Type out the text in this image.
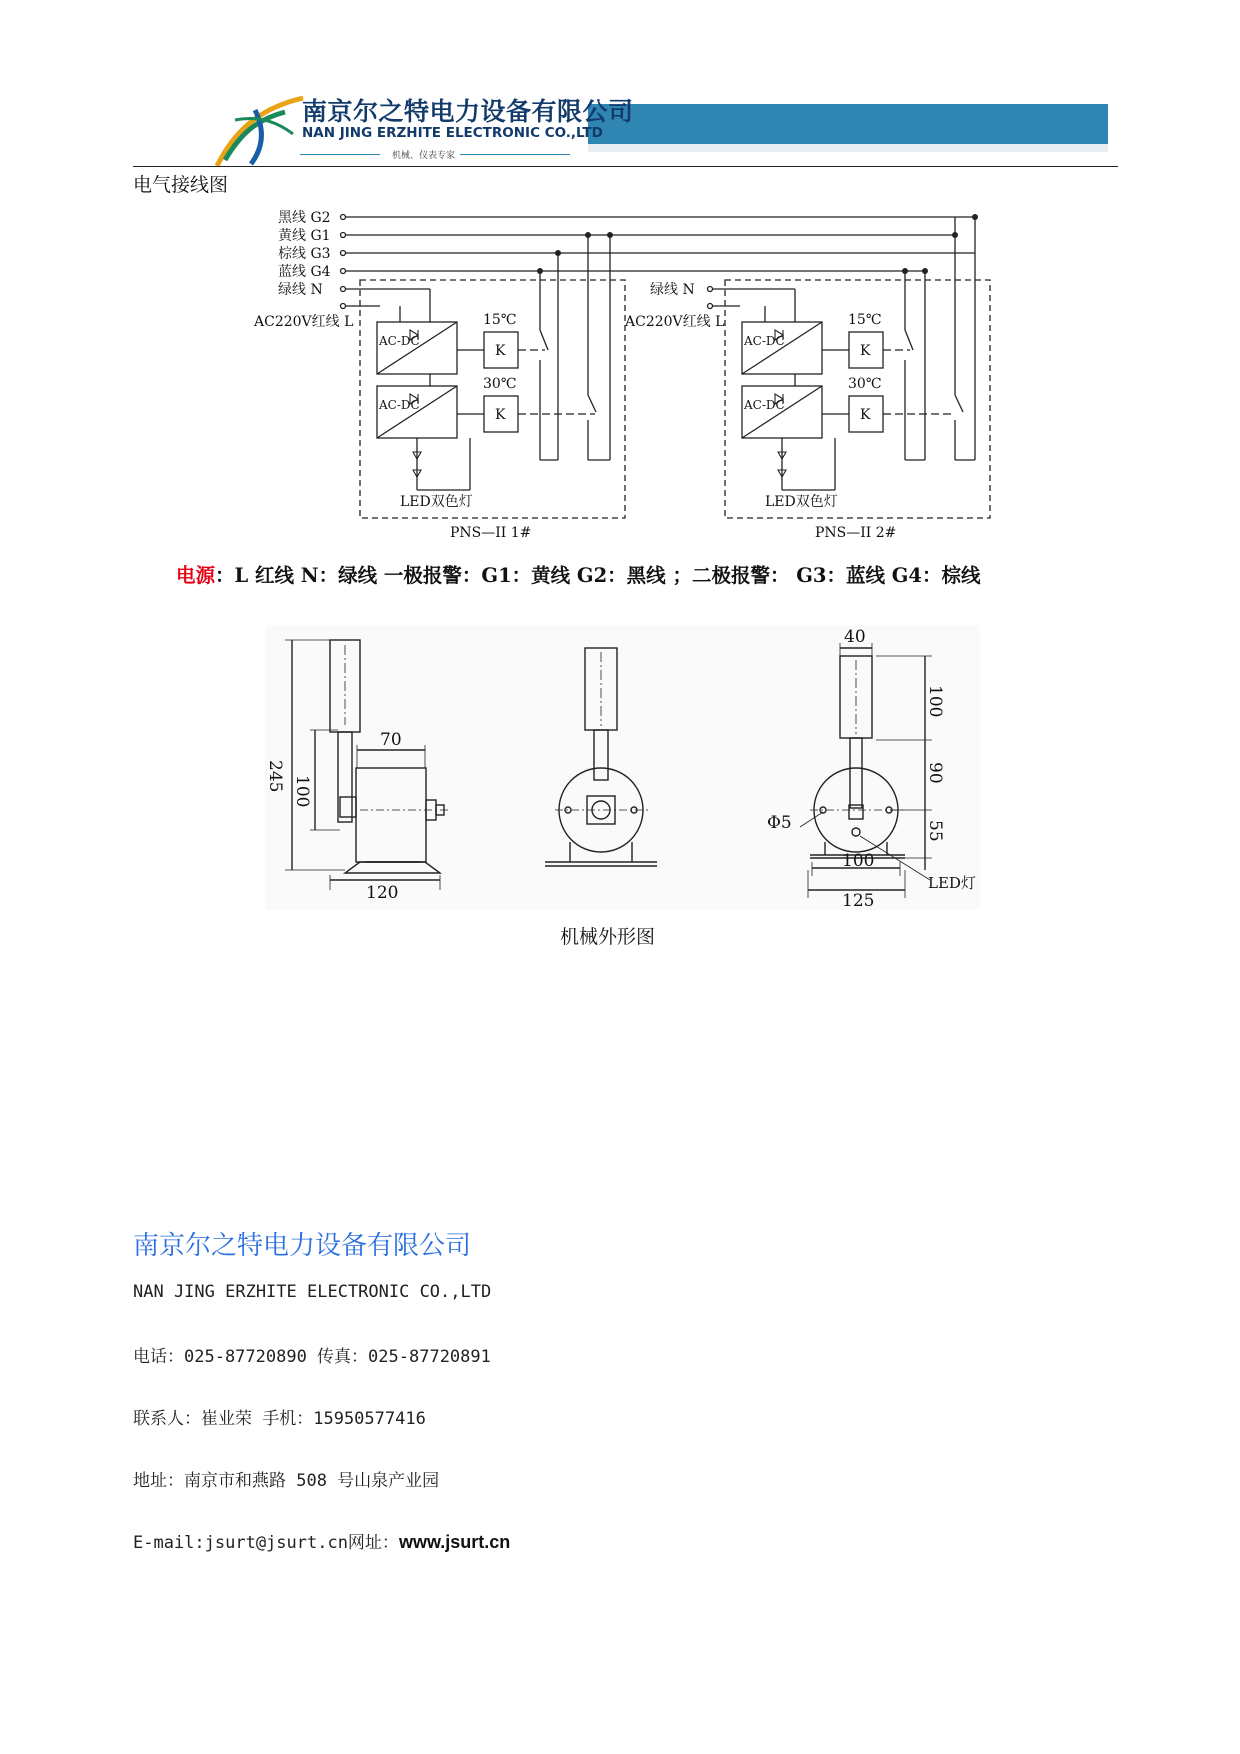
南京尔之特电力设备有限公司
NAN JING ERZHITE ELECTRONIC CO.,LTD
机械、仪表专家
电气接线图
黑线 G2
黄线 G1
棕线 G3
蓝线 G4
绿线 N
AC220V红线 L
AC-DC
AC-DC
15℃
30℃
K
K
LED双色灯
PNS—II 1#
绿线 N
AC220V红线 L
AC-DC
AC-DC
15℃
30℃
K
K
LED双色灯
PNS—II 2#
电源：L 红线 N：绿线 一极报警：G1：黄线 G2：黑线 ；二极报警： G3：蓝线 G4：棕线
245 100
70
120
40
100
90
55
Φ5
100
125
LED灯
机械外形图
南京尔之特电力设备有限公司
NAN JING ERZHITE ELECTRONIC CO.,LTD
电话：025-87720890 传真：025-87720891
联系人：崔业荣 手机：15950577416
地址：南京市和燕路 508 号山泉产业园
E-mail:jsurt@jsurt.cn网址：www.jsurt.cn
